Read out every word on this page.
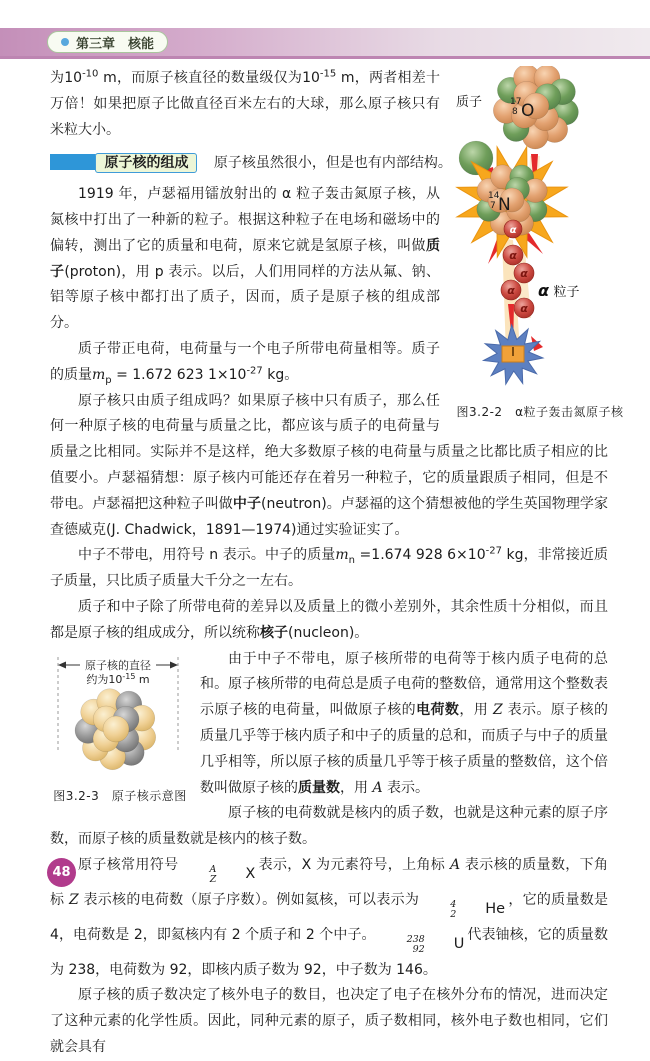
第三章　核能
17
8 O
质子
14
7 N
α
α
α
α
α
α 粒子
图3.2-2　α粒子轰击氮原子核

为$10^{-10}$ m，而原子核直径的数量级仅为$10^{-15}$ m，两者相差十万倍！如果把原子比做直径百米左右的大球，那么原子核只有米粒大小。

原子核的组成 原子核虽然很小，但是也有内部结构。

1919 年，卢瑟福用镭放射出的 α 粒子轰击氮原子核，从氮核中打出了一种新的粒子。根据这种粒子在电场和磁场中的偏转，测出了它的质量和电荷，原来它就是氢原子核，叫做质子(proton)，用 p 表示。以后，人们用同样的方法从氟、钠、铝等原子核中都打出了质子，因而，质子是原子核的组成部分。

质子带正电荷，电荷量与一个电子所带电荷量相等。质子的质量$m_p = 1.672$ 623 $1\times 10^{-27}$ kg。

原子核只由质子组成吗？如果原子核中只有质子，那么任何一种原子核的电荷量与质量之比，都应该与质子的电荷量与质量之比相同。实际并不是这样，绝大多数原子核的电荷量与质量之比都比质子相应的比值要小。卢瑟福猜想：原子核内可能还存在着另一种粒子，它的质量跟质子相同，但是不带电。卢瑟福把这种粒子叫做中子(neutron)。卢瑟福的这个猜想被他的学生英国物理学家查德威克(J. Chadwick，1891—1974)通过实验证实了。

中子不带电，用符号 n 表示。中子的质量$m_n =1.674$ 928 $6\times 10^{-27}$ kg，非常接近质子质量，只比质子质量大千分之一左右。

质子和中子除了所带电荷的差异以及质量上的微小差别外，其余性质十分相似，而且都是原子核的组成成分，所以统称核子(nucleon)。

原子核的直径
约为$10^{-15}$ m
图3.2-3　原子核示意图

由于中子不带电，原子核所带的电荷等于核内质子电荷的总和。原子核所带的电荷总是质子电荷的整数倍，通常用这个整数表示原子核的电荷量，叫做原子核的电荷数，用 Z 表示。原子核的质量几乎等于核内质子和中子的质量的总和，而质子与中子的质量几乎相等，所以原子核的质量几乎等于核子质量的整数倍，这个倍数叫做原子核的质量数，用 A 表示。

原子核的电荷数就是核内的质子数，也就是这种元素的原子序数，而原子核的质量数就是核内的核子数。

原子核常用符号	A
Z	X
表示，X 为元素符号，上角标 A 表示核的质量数，下角标 Z 表示核的电荷数（原子序数）。例如氦核，可以表示为	4
2	He
，它的质量数是 4，电荷数是 2，即氦核内有 2 个质子和 2 个中子。	238
92	U
代表铀核，它的质量数为 238，电荷数为 92，即核内质子数为 92，中子数为 146。

原子核的质子数决定了核外电子的数目，也决定了电子在核外分布的情况，进而决定了这种元素的化学性质。因此，同种元素的原子，质子数相同，核外电子数也相同，它们就会具有

48
